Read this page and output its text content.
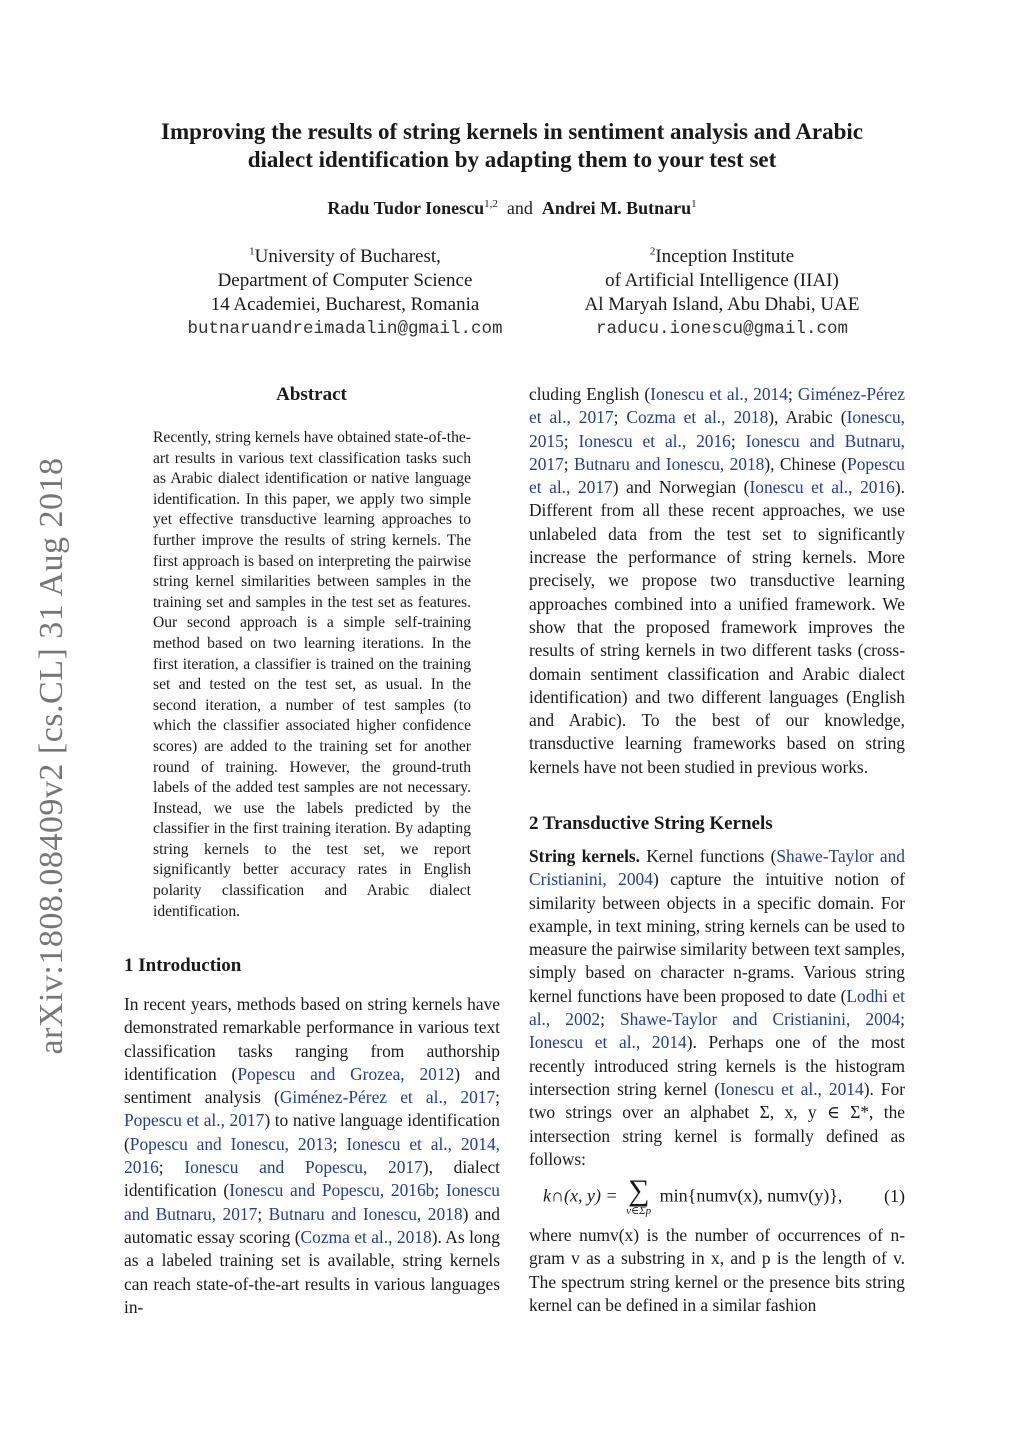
arXiv:1808.08409v2 [cs.CL] 31 Aug 2018
Improving the results of string kernels in sentiment analysis and Arabic
dialect identification by adapting them to your test set
Radu Tudor Ionescu$^{1,2}$ and Andrei M. Butnaru$^1$
$^1$University of Bucharest,
Department of Computer Science
14 Academiei, Bucharest, Romania
butnaruandreimadalin@gmail.com
$^2$Inception Institute
of Artificial Intelligence (IIAI)
Al Maryah Island, Abu Dhabi, UAE
raducu.ionescu@gmail.com
Abstract
Recently, string kernels have obtained state-of-the-art results in various text classification tasks such as Arabic dialect identification or native language identification. In this paper, we apply two simple yet effective transductive learning approaches to further improve the results of string kernels. The first approach is based on interpreting the pairwise string kernel similarities between samples in the training set and samples in the test set as features. Our second approach is a simple self-training method based on two learning iterations. In the first iteration, a classifier is trained on the training set and tested on the test set, as usual. In the second iteration, a number of test samples (to which the classifier associated higher confidence scores) are added to the training set for another round of training. However, the ground-truth labels of the added test samples are not necessary. Instead, we use the labels predicted by the classifier in the first training iteration. By adapting string kernels to the test set, we report significantly better accuracy rates in English polarity classification and Arabic dialect identification.
1 Introduction
In recent years, methods based on string kernels have demonstrated remarkable performance in various text classification tasks ranging from authorship identification (Popescu and Grozea, 2012) and sentiment analysis (Giménez-Pérez et al., 2017; Popescu et al., 2017) to native language identification (Popescu and Ionescu, 2013; Ionescu et al., 2014, 2016; Ionescu and Popescu, 2017), dialect identification (Ionescu and Popescu, 2016b; Ionescu and Butnaru, 2017; Butnaru and Ionescu, 2018) and automatic essay scoring (Cozma et al., 2018). As long as a labeled training set is available, string kernels can reach state-of-the-art results in various languages in-
cluding English (Ionescu et al., 2014; Giménez-Pérez et al., 2017; Cozma et al., 2018), Arabic (Ionescu, 2015; Ionescu et al., 2016; Ionescu and Butnaru, 2017; Butnaru and Ionescu, 2018), Chinese (Popescu et al., 2017) and Norwegian (Ionescu et al., 2016). Different from all these recent approaches, we use unlabeled data from the test set to significantly increase the performance of string kernels. More precisely, we propose two transductive learning approaches combined into a unified framework. We show that the proposed framework improves the results of string kernels in two different tasks (cross-domain sentiment classification and Arabic dialect identification) and two different languages (English and Arabic). To the best of our knowledge, transductive learning frameworks based on string kernels have not been studied in previous works.
2 Transductive String Kernels
String kernels. Kernel functions (Shawe-Taylor and Cristianini, 2004) capture the intuitive notion of similarity between objects in a specific domain. For example, in text mining, string kernels can be used to measure the pairwise similarity between text samples, simply based on character n-grams. Various string kernel functions have been proposed to date (Lodhi et al., 2002; Shawe-Taylor and Cristianini, 2004; Ionescu et al., 2014). Perhaps one of the most recently introduced string kernels is the histogram intersection string kernel (Ionescu et al., 2014). For two strings over an alphabet Σ, x, y ∈ Σ*, the intersection string kernel is formally defined as follows:
k∩(x, y) = ∑
v∈Σp
min{numv(x), numv(y)}, (1)
where numv(x) is the number of occurrences of n-gram v as a substring in x, and p is the length of v. The spectrum string kernel or the presence bits string kernel can be defined in a similar fashion
